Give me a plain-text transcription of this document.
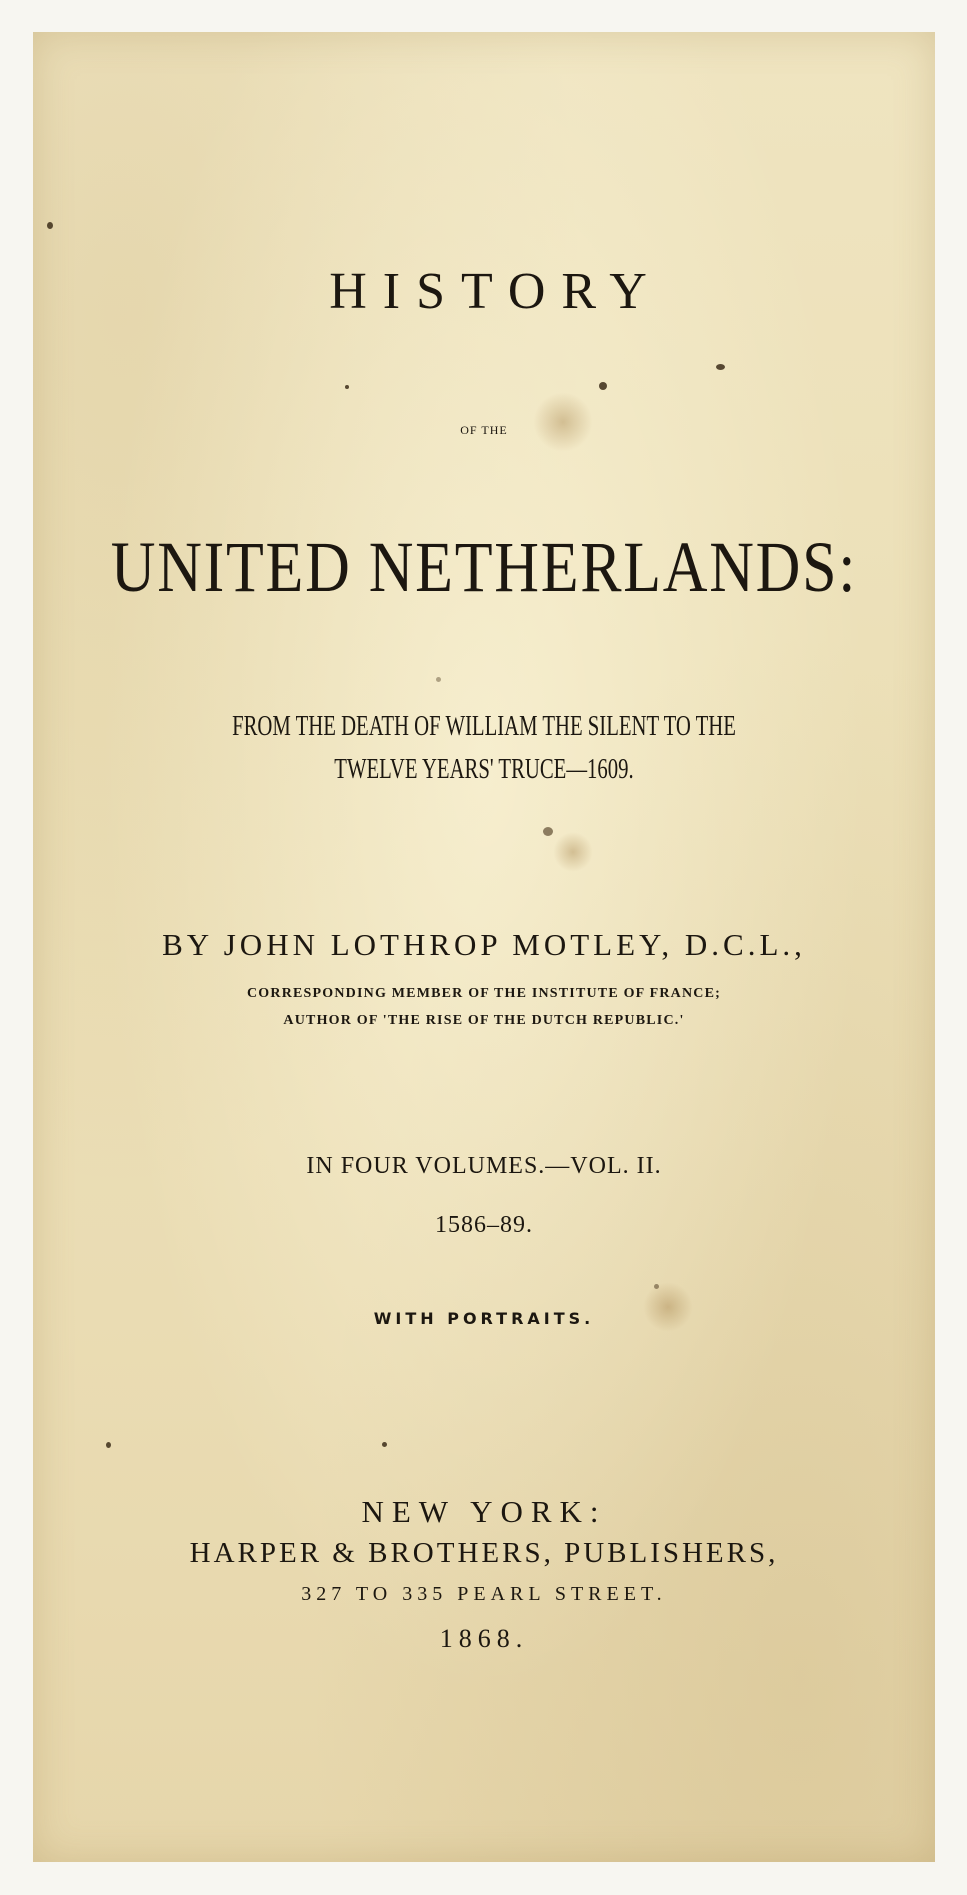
HISTORY
OF THE
UNITED NETHERLANDS:
FROM THE DEATH OF WILLIAM THE SILENT TO THE
TWELVE YEARS' TRUCE—1609.
BY JOHN LOTHROP MOTLEY, D.C.L.,
CORRESPONDING MEMBER OF THE INSTITUTE OF FRANCE;
AUTHOR OF 'THE RISE OF THE DUTCH REPUBLIC.'
IN FOUR VOLUMES.—VOL. II.
1586–89.
WITH PORTRAITS.
NEW YORK:
HARPER & BROTHERS, PUBLISHERS,
327 TO 335 PEARL STREET.
1868.
